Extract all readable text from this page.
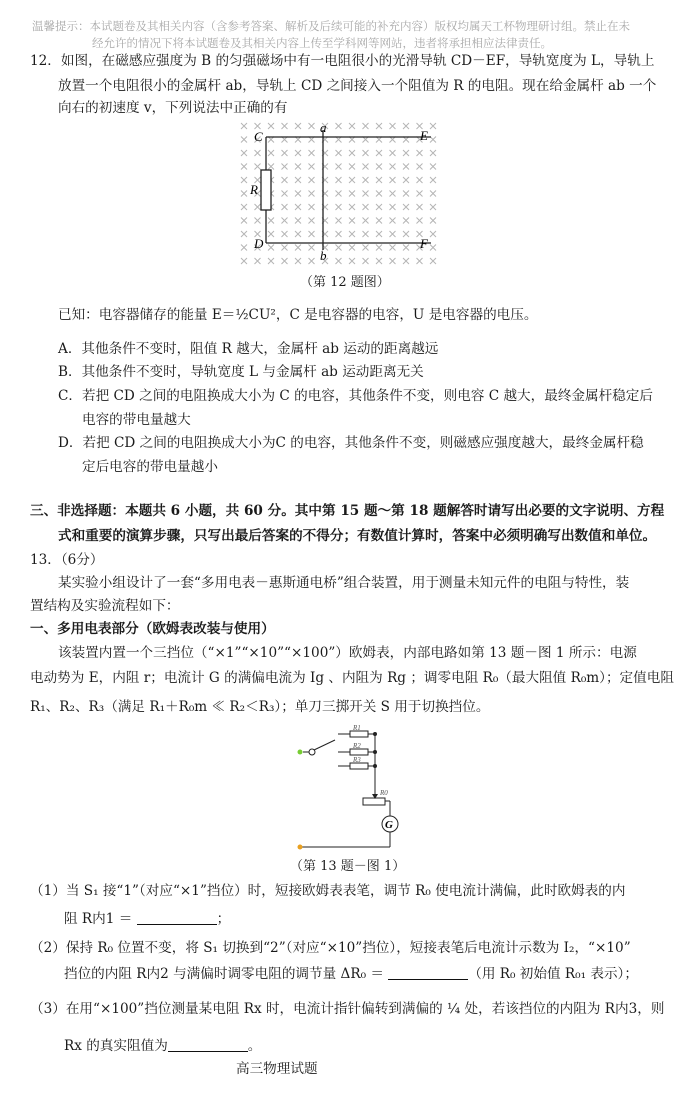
温馨提示：本试题卷及其相关内容（含参考答案、解析及后续可能的补充内容）版权均属天工杯物理研讨组。禁止在未
经允许的情况下将本试题卷及其相关内容上传至学科网等网站，违者将承担相应法律责任。
12．如图，在磁感应强度为 B 的匀强磁场中有一电阻很小的光滑导轨 CD－EF，导轨宽度为 L，导轨上
放置一个电阻很小的金属杆 ab，导轨上 CD 之间接入一个阻值为 R 的电阻。现在给金属杆 ab 一个
向右的初速度 v，下列说法中正确的有
C
a
E
R
D
b
F
（第 12 题图）
已知：电容器储存的能量 E＝½CU²，C 是电容器的电容，U 是电容器的电压。
A．其他条件不变时，阻值 R 越大，金属杆 ab 运动的距离越远
B．其他条件不变时，导轨宽度 L 与金属杆 ab 运动距离无关
C．若把 CD 之间的电阻换成大小为 C 的电容，其他条件不变，则电容 C 越大，最终金属杆稳定后
电容的带电量越大
D．若把 CD 之间的电阻换成大小为C 的电容，其他条件不变，则磁感应强度越大，最终金属杆稳
定后电容的带电量越小
三、非选择题：本题共 6 小题，共 60 分。其中第 15 题～第 18 题解答时请写出必要的文字说明、方程
式和重要的演算步骤，只写出最后答案的不得分；有数值计算时，答案中必须明确写出数值和单位。
13．（6分）
某实验小组设计了一套“多用电表－惠斯通电桥”组合装置，用于测量未知元件的电阻与特性，装
置结构及实验流程如下：
一、多用电表部分（欧姆表改装与使用）
该装置内置一个三挡位（“×1”“×10”“×100”）欧姆表，内部电路如第 13 题－图 1 所示：电源
电动势为 E，内阻 r；电流计 G 的满偏电流为 Ig 、内阻为 Rg ；调零电阻 R₀（最大阻值 R₀m）；定值电阻
R₁、R₂、R₃（满足 R₁＋R₀m ≪ R₂＜R₃）；单刀三掷开关 S 用于切换挡位。
R1
R2
R3
R0
G
（第 13 题－图 1）
（1）当 S₁ 接“1”（对应“×1”挡位）时，短接欧姆表表笔，调节 R₀ 使电流计满偏，此时欧姆表的内
阻 R内1 ＝	；
（2）保持 R₀ 位置不变，将 S₁ 切换到“2”（对应“×10”挡位），短接表笔后电流计示数为 I₂，“×10”
挡位的内阻 R内2 与满偏时调零电阻的调节量 ΔR₀ ＝	（用 R₀ 初始值 R₀₁ 表示）；
（3）在用“×100”挡位测量某电阻 Rx 时，电流计指针偏转到满偏的 ¼ 处，若该挡位的内阻为 R内3，则
Rx 的真实阻值为	。
高三物理试题
